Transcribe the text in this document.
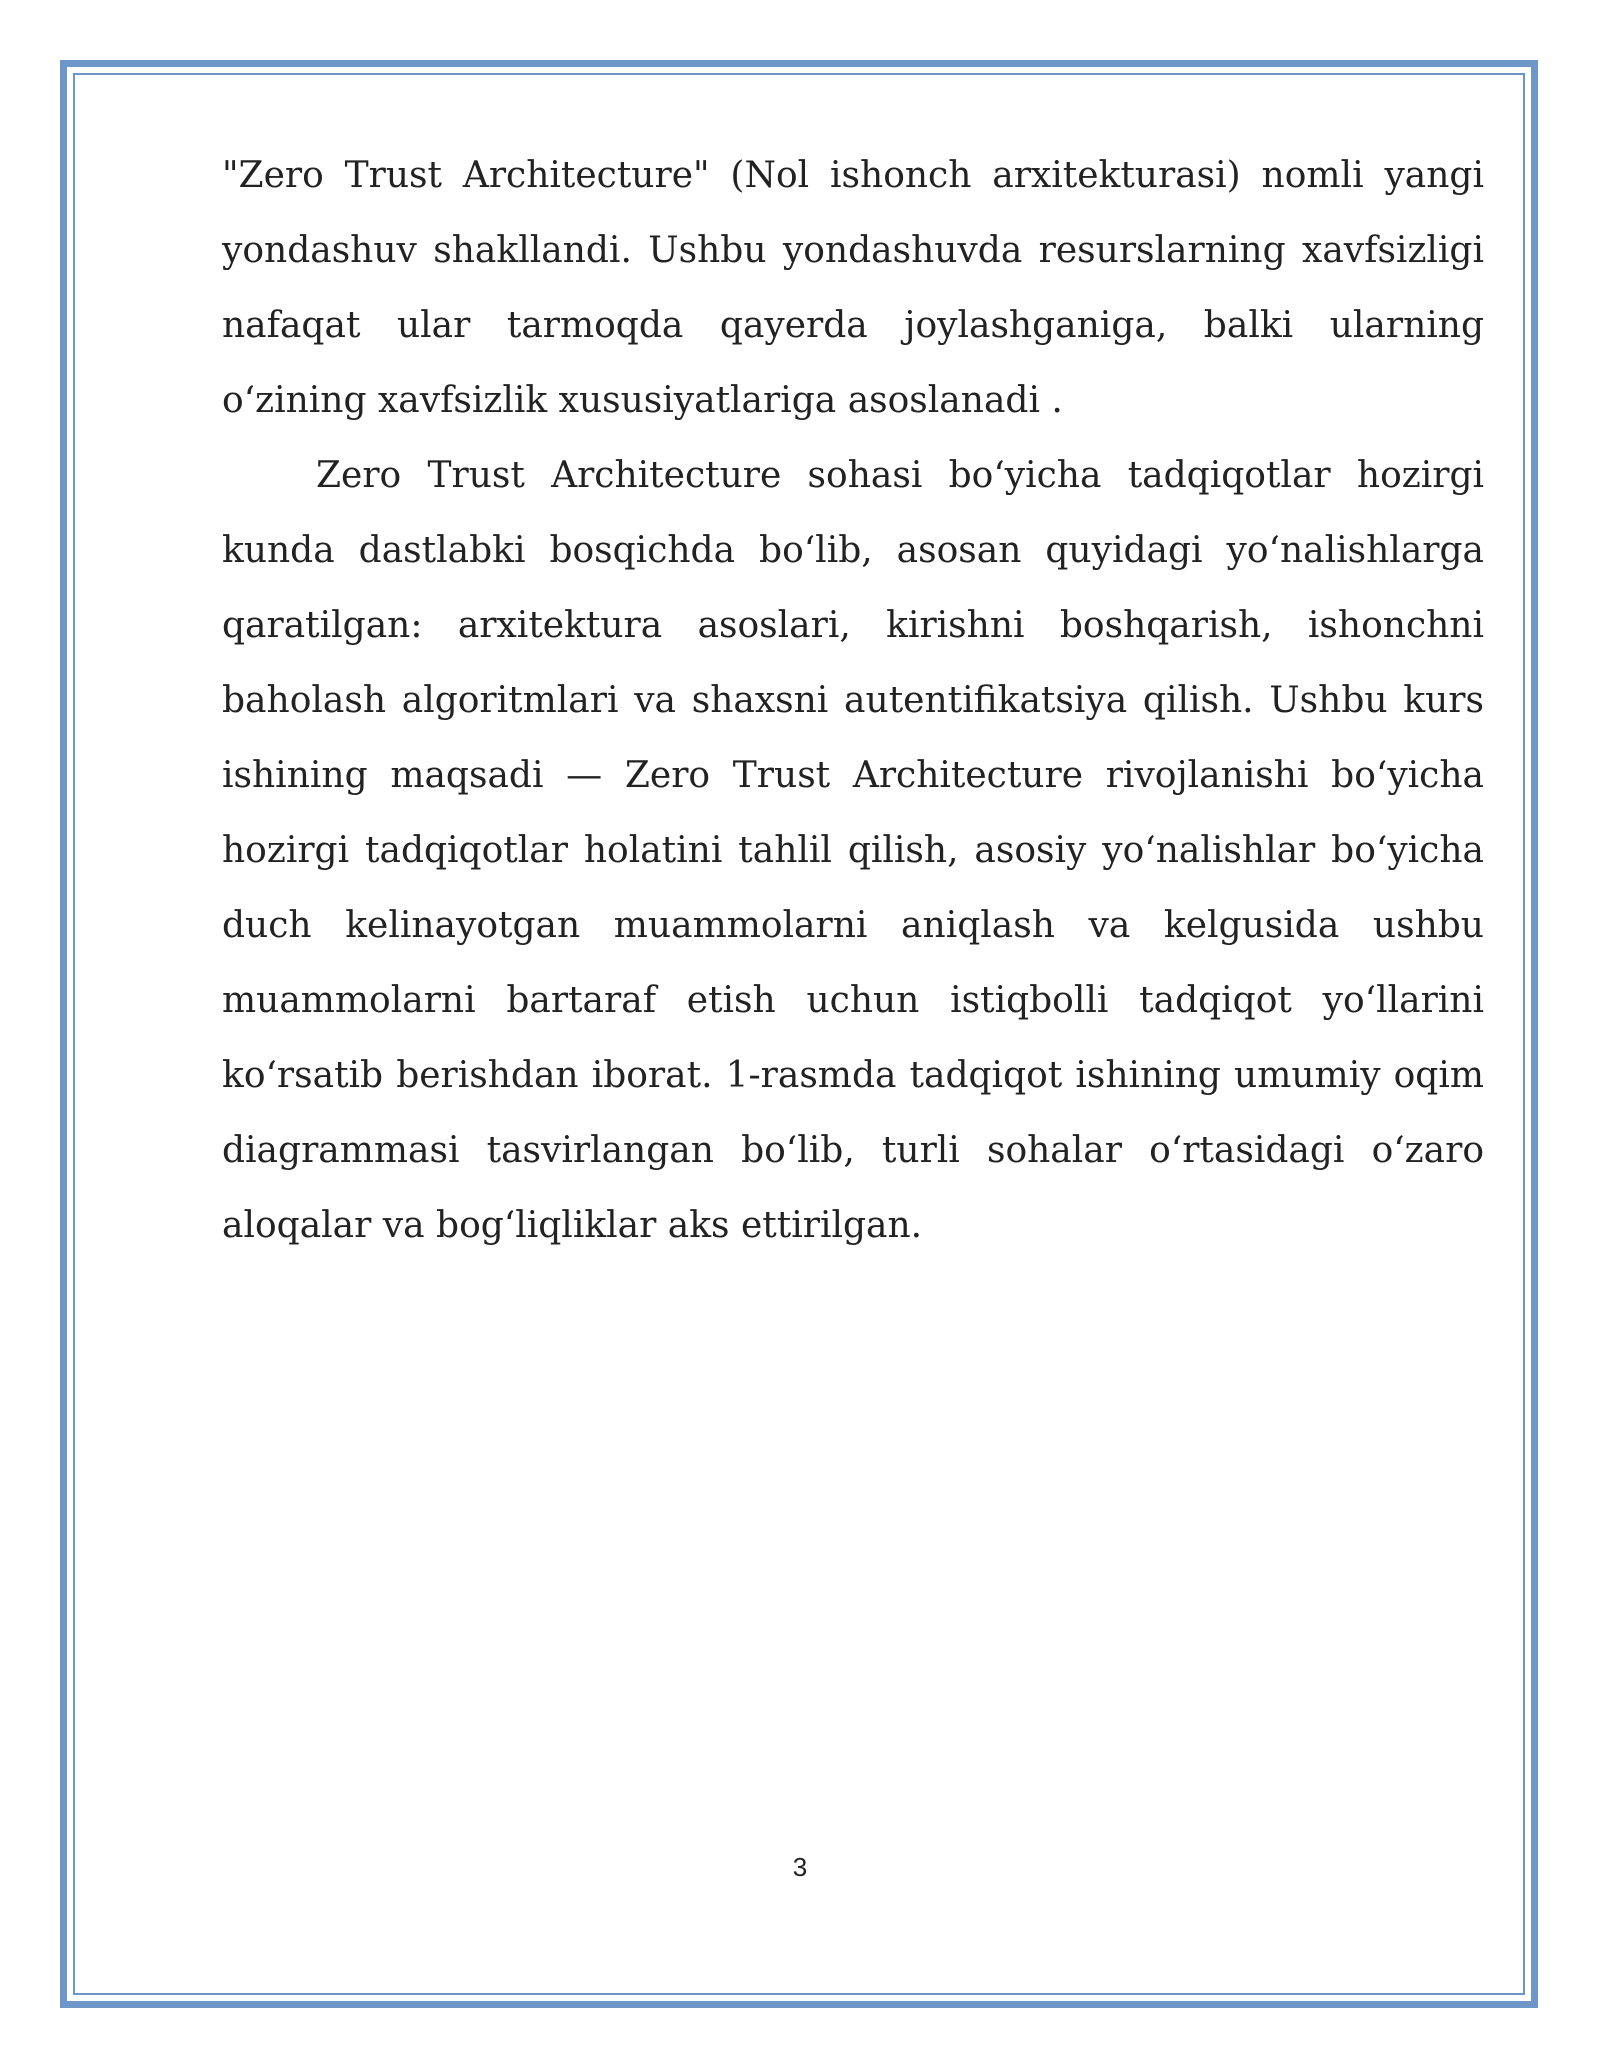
"Zero Trust Architecture" (Nol ishonch arxitekturasi) nomli yangi yondashuv shakllandi. Ushbu yondashuvda resurslarning xavfsizligi nafaqat ular tarmoqda qayerda joylashganiga, balki ularning o‘zining xavfsizlik xususiyatlariga asoslanadi .

Zero Trust Architecture sohasi bo‘yicha tadqiqotlar hozirgi kunda dastlabki bosqichda bo‘lib, asosan quyidagi yo‘nalishlarga qaratilgan: arxitektura asoslari, kirishni boshqarish, ishonchni baholash algoritmlari va shaxsni autentifikatsiya qilish. Ushbu kurs ishining maqsadi — Zero Trust Architecture rivojlanishi bo‘yicha hozirgi tadqiqotlar holatini tahlil qilish, asosiy yo‘nalishlar bo‘yicha duch kelinayotgan muammolarni aniqlash va kelgusida ushbu muammolarni bartaraf etish uchun istiqbolli tadqiqot yo‘llarini ko‘rsatib berishdan iborat. 1-rasmda tadqiqot ishining umumiy oqim diagrammasi tasvirlangan bo‘lib, turli sohalar o‘rtasidagi o‘zaro aloqalar va bog‘liqliklar aks ettirilgan.

3
